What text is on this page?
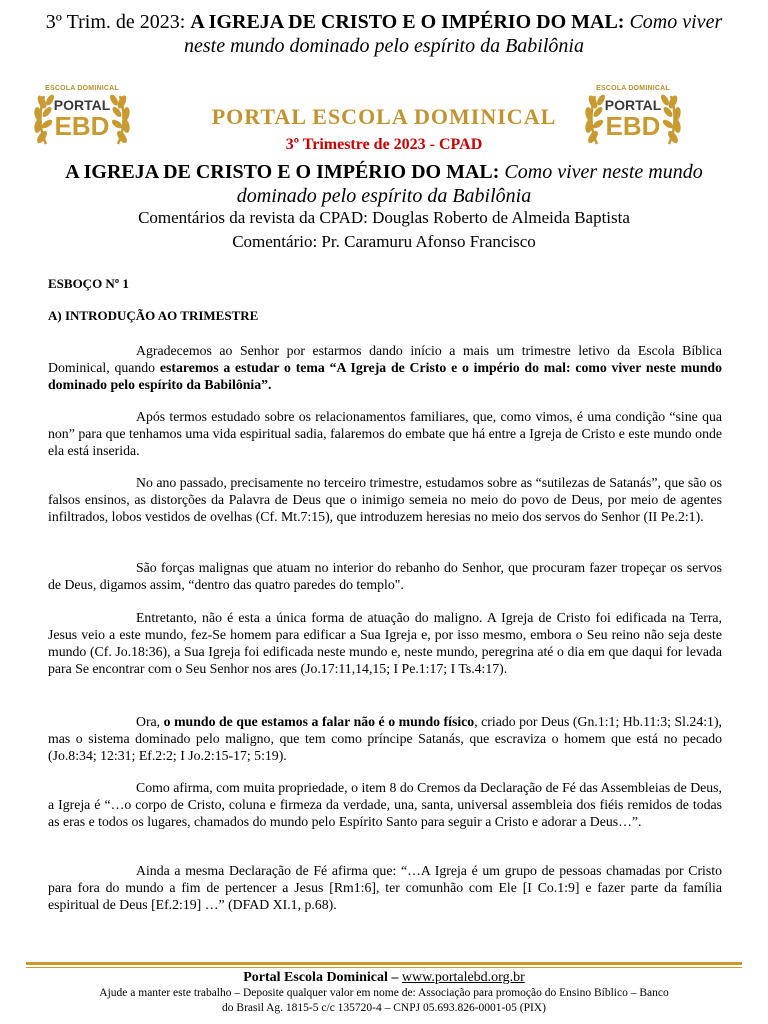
3º Trim. de 2023: A IGREJA DE CRISTO E O IMPÉRIO DO MAL: Como viver
neste mundo dominado pelo espírito da Babilônia
ESCOLA DOMINICAL
PORTAL
EBD
ESCOLA DOMINICAL
PORTAL
EBD
PORTAL ESCOLA DOMINICAL
3º Trimestre de 2023 - CPAD
A IGREJA DE CRISTO E O IMPÉRIO DO MAL: Como viver neste mundo dominado pelo espírito da Babilônia
Comentários da revista da CPAD: Douglas Roberto de Almeida Baptista
Comentário: Pr. Caramuru Afonso Francisco
ESBOÇO Nº 1
A) INTRODUÇÃO AO TRIMESTRE

Agradecemos ao Senhor por estarmos dando início a mais um trimestre letivo da Escola Bíblica Dominical, quando estaremos a estudar o tema “A Igreja de Cristo e o império do mal: como viver neste mundo dominado pelo espírito da Babilônia”.

Após termos estudado sobre os relacionamentos familiares, que, como vimos, é uma condição “sine qua non” para que tenhamos uma vida espiritual sadia, falaremos do embate que há entre a Igreja de Cristo e este mundo onde ela está inserida.

No ano passado, precisamente no terceiro trimestre, estudamos sobre as “sutilezas de Satanás”, que são os falsos ensinos, as distorções da Palavra de Deus que o inimigo semeia no meio do povo de Deus, por meio de agentes infiltrados, lobos vestidos de ovelhas (Cf. Mt.7:15), que introduzem heresias no meio dos servos do Senhor (II Pe.2:1).

São forças malignas que atuam no interior do rebanho do Senhor, que procuram fazer tropeçar os servos de Deus, digamos assim, “dentro das quatro paredes do templo".

Entretanto, não é esta a única forma de atuação do maligno. A Igreja de Cristo foi edificada na Terra, Jesus veio a este mundo, fez-Se homem para edificar a Sua Igreja e, por isso mesmo, embora o Seu reino não seja deste mundo (Cf. Jo.18:36), a Sua Igreja foi edificada neste mundo e, neste mundo, peregrina até o dia em que daqui for levada para Se encontrar com o Seu Senhor nos ares (Jo.17:11,14,15; I Pe.1:17; I Ts.4:17).

Ora, o mundo de que estamos a falar não é o mundo físico, criado por Deus (Gn.1:1; Hb.11:3; Sl.24:1), mas o sistema dominado pelo maligno, que tem como príncipe Satanás, que escraviza o homem que está no pecado (Jo.8:34; 12:31; Ef.2:2; I Jo.2:15-17; 5:19).

Como afirma, com muita propriedade, o item 8 do Cremos da Declaração de Fé das Assembleias de Deus, a Igreja é “…o corpo de Cristo, coluna e firmeza da verdade, una, santa, universal assembleia dos fiéis remidos de todas as eras e todos os lugares, chamados do mundo pelo Espírito Santo para seguir a Cristo e adorar a Deus…”.

Ainda a mesma Declaração de Fé afirma que: “…A Igreja é um grupo de pessoas chamadas por Cristo para fora do mundo a fim de pertencer a Jesus [Rm1:6], ter comunhão com Ele [I Co.1:9] e fazer parte da família espiritual de Deus [Ef.2:19] …” (DFAD XI.1, p.68).

Portal Escola Dominical – www.portalebd.org.br
Ajude a manter este trabalho – Deposite qualquer valor em nome de: Associação para promoção do Ensino Bíblico – Banco
do Brasil Ag. 1815-5 c/c 135720-4 – CNPJ 05.693.826-0001-05 (PIX)
